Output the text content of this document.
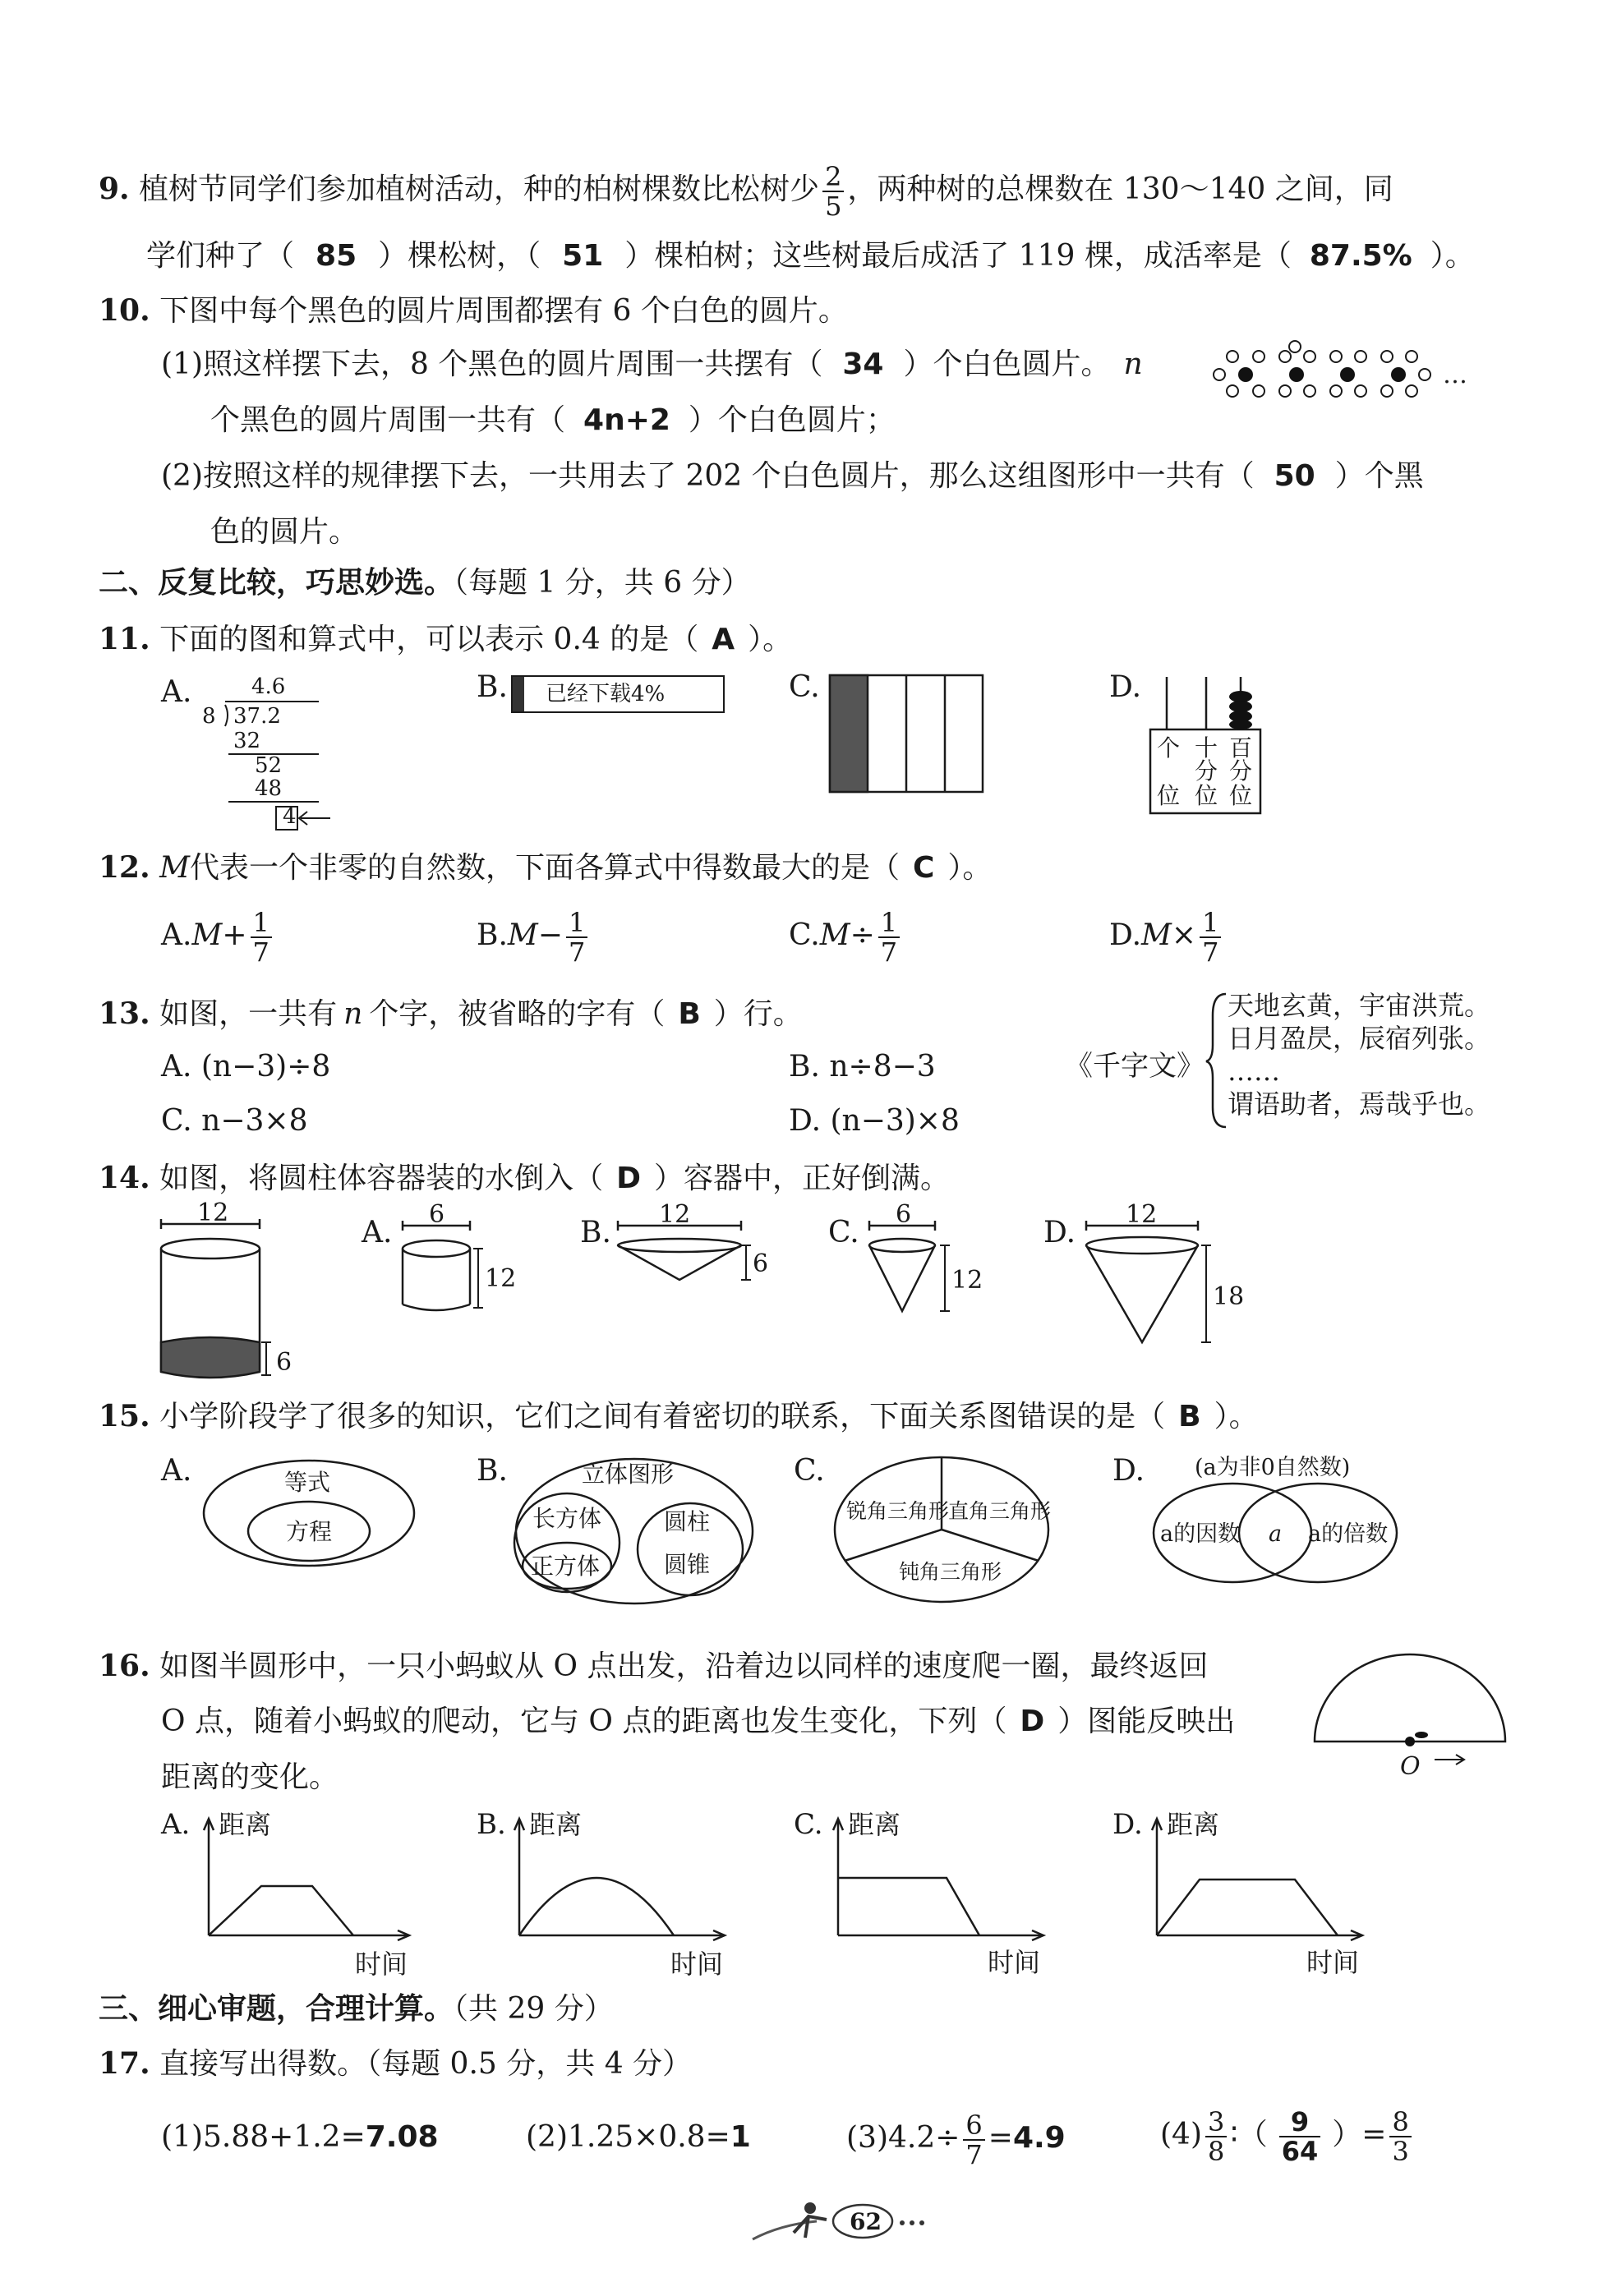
9. 植树节同学们参加植树活动，种的柏树棵数比松树少 $\frac{2}{5}$ ，两种树的总棵数在 130～140 之间，同
学们种了（ 85 ）棵松树，（ 51 ）棵柏树；这些树最后成活了 119 棵，成活率是（ 87.5% ）。
10. 下图中每个黑色的圆片周围都摆有 6 个白色的圆片。
(1)照这样摆下去，8 个黑色的圆片周围一共摆有（ 34 ）个白色圆片。 n
个黑色的圆片周围一共有（ 4n+2 ）个白色圆片；
(2)按照这样的规律摆下去，一共用去了 202 个白色圆片，那么这组图形中一共有（ 50 ）个黑
色的圆片。
…
二、反复比较，巧思妙选。（每题 1 分，共 6 分）
11. 下面的图和算式中，可以表示 0.4 的是（ A ）。
A.	4.6
8 37.2
32
52
48
4
B. 已经下载4%	C.	D.
个
位
十
分
位
百
分
位
12. M代表一个非零的自然数，下面各算式中得数最大的是（ C ）。
$A.M+ \frac{1}{7}$	$B.M- \frac{1}{7}$	$C.M\div \frac{1}{7}$	$D.M\times \frac{1}{7}$
13. 如图，一共有 n 个字，被省略的字有（ B ）行。
A. (n−3)÷8	B. n÷8−3
C. n−3×8	D. (n−3)×8
《千字文》
天地玄黄，宇宙洪荒。
日月盈昃，辰宿列张。
……
谓语助者，焉哉乎也。
14. 如图，将圆柱体容器装的水倒入（ D ）容器中，正好倒满。
12
6
A.
6
12
B.
12
6
C.
6
12
D.
12
18
15. 小学阶段学了很多的知识，它们之间有着密切的联系，下面关系图错误的是（ B ）。
A.	等式
方程
B.	立体图形
长方体
正方体
圆柱
圆锥
C.
锐角三角形
直角三角形
钝角三角形
D. (a为非0自然数)
a的因数 a a的倍数
16. 如图半圆形中，一只小蚂蚁从 O 点出发，沿着边以同样的速度爬一圈，最终返回
O 点，随着小蚂蚁的爬动，它与 O 点的距离也发生变化，下列（ D ）图能反映出
距离的变化。	O
A. 距离
时间
B. 距离
时间
C. 距离
时间
D. 距离
时间
三、细心审题，合理计算。（共 29 分）
17. 直接写出得数。（每题 0.5 分，共 4 分）
(1)5.88+1.2=7.08	(2)1.25×0.8=1	$(3)4.2\div \frac{6}{7} =4.9$	$(4) \frac{3}{8}$ ∶（ $\frac{9}{64}$ ）= $\frac{8}{3}$
62
